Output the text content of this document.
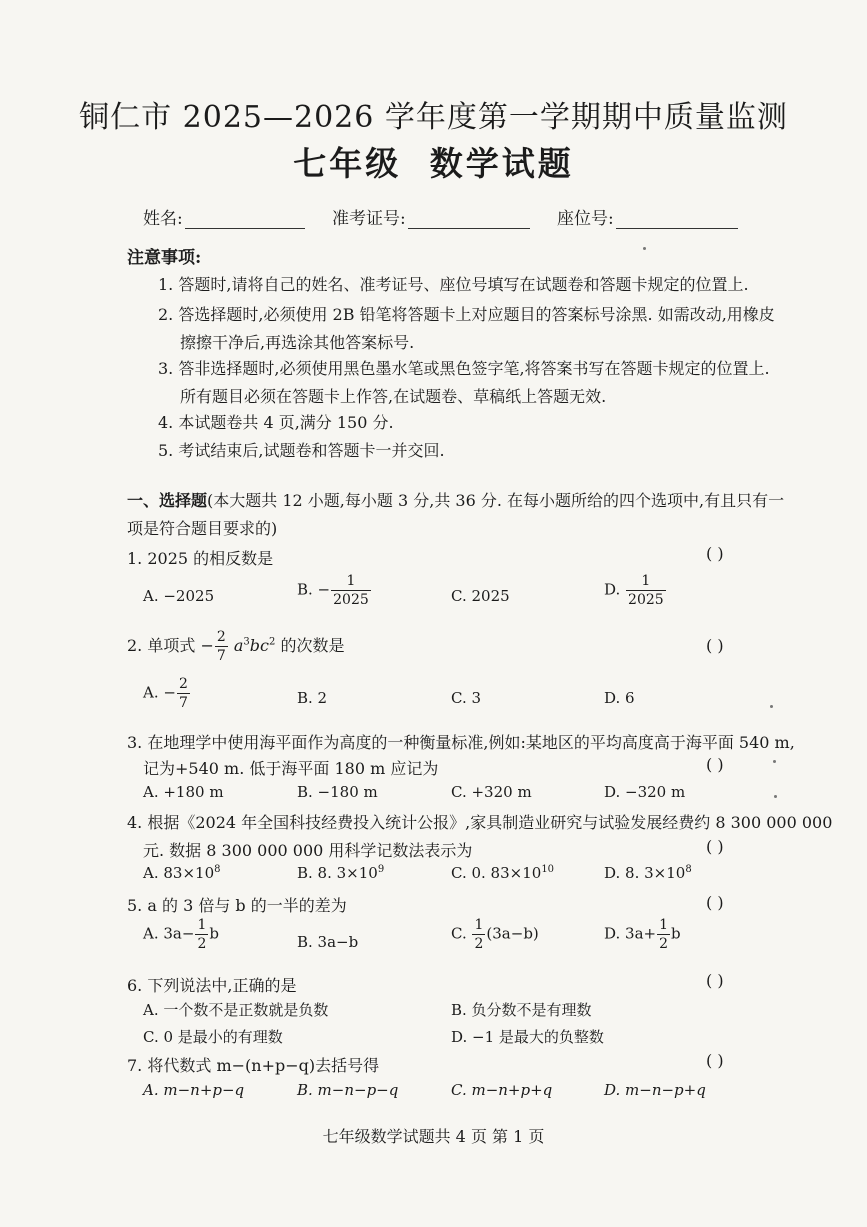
铜仁市 2025—2026 学年度第一学期期中质量监测
七年级 数学试题
姓名:	准考证号:	座位号:
注意事项:
1. 答题时,请将自己的姓名、准考证号、座位号填写在试题卷和答题卡规定的位置上.
2. 答选择题时,必须使用 2B 铅笔将答题卡上对应题目的答案标号涂黑. 如需改动,用橡皮
擦擦干净后,再选涂其他答案标号.
3. 答非选择题时,必须使用黑色墨水笔或黑色签字笔,将答案书写在答题卡规定的位置上.
所有题目必须在答题卡上作答,在试题卷、草稿纸上答题无效.
4. 本试题卷共 4 页,满分 150 分.
5. 考试结束后,试题卷和答题卡一并交回.
一、选择题(本大题共 12 小题,每小题 3 分,共 36 分. 在每小题所给的四个选项中,有且只有一
项是符合题目要求的)
1. 2025 的相反数是	( )
A. −2025	B. − $\frac{1}{2025}$	C. 2025	D. $\frac{1}{2025}$
2. 单项式 − $\frac{2}{7} a^3bc^2$ 的次数是	( )
A. − $\frac{2}{7}$	B. 2	C. 3	D. 6
3. 在地理学中使用海平面作为高度的一种衡量标准,例如:某地区的平均高度高于海平面 540 m,
记为+540 m. 低于海平面 180 m 应记为	( )
A. +180 m	B. −180 m	C. +320 m	D. −320 m
4. 根据《2024 年全国科技经费投入统计公报》,家具制造业研究与试验发展经费约 8 300 000 000
元. 数据 8 300 000 000 用科学记数法表示为	( )
A. $83\times 10^8$	B. 8. $3\times 10^9$	C. 0. $83\times 10^{10}$	D. 8. $3\times 10^8$
5. a 的 3 倍与 b 的一半的差为	( )
A. $3a- \frac{1}{2}$ b	B. 3a−b	C. $\frac{1}{2} (3a-b)$	D. $3a+ \frac{1}{2}$ b
6. 下列说法中,正确的是	( )
A. 一个数不是正数就是负数	B. 负分数不是有理数
C. 0 是最小的有理数	D. −1 是最大的负整数
7. 将代数式 m−(n+p−q)去括号得	( )
A. m−n+p−q	B. m−n−p−q	C. m−n+p+q	D. m−n−p+q
七年级数学试题共 4 页 第 1 页
